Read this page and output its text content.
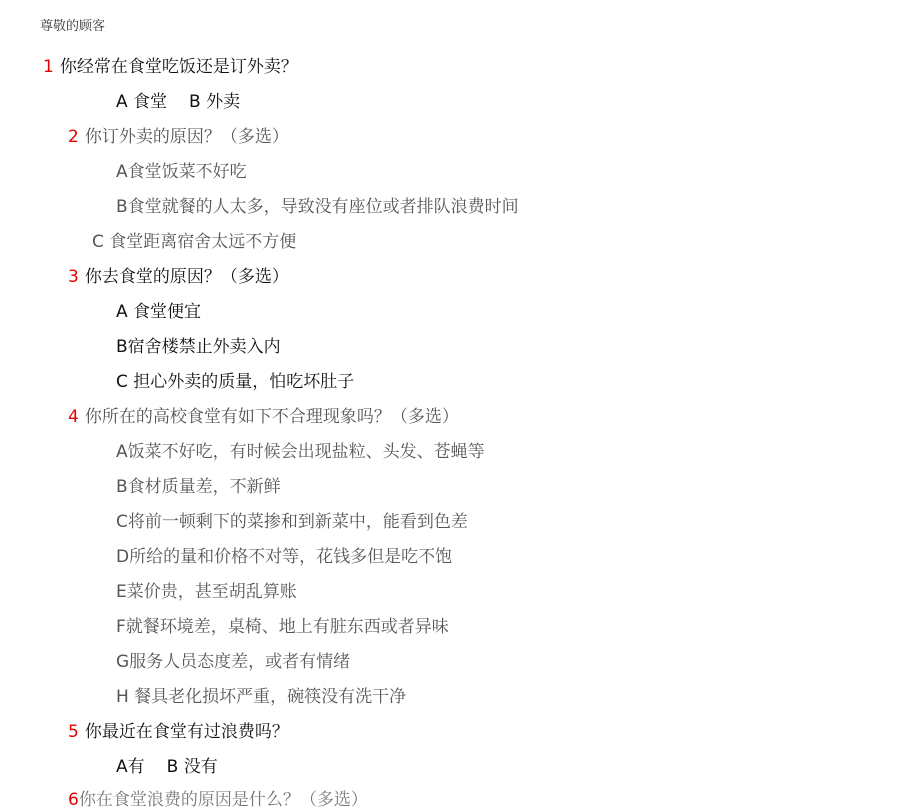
尊敬的顾客
1 你经常在食堂吃饭还是订外卖？
A 食堂 B 外卖
2 你订外卖的原因？（多选）
A食堂饭菜不好吃
B食堂就餐的人太多，导致没有座位或者排队浪费时间
C 食堂距离宿舍太远不方便
3 你去食堂的原因？（多选）
A 食堂便宜
B宿舍楼禁止外卖入内
C 担心外卖的质量，怕吃坏肚子
4 你所在的高校食堂有如下不合理现象吗？（多选）
A饭菜不好吃，有时候会出现盐粒、头发、苍蝇等
B食材质量差，不新鲜
C将前一顿剩下的菜掺和到新菜中，能看到色差
D所给的量和价格不对等，花钱多但是吃不饱
E菜价贵，甚至胡乱算账
F就餐环境差，桌椅、地上有脏东西或者异味
G服务人员态度差，或者有情绪
H 餐具老化损坏严重，碗筷没有洗干净
5 你最近在食堂有过浪费吗？
A有 B 没有
6你在食堂浪费的原因是什么？（多选）
